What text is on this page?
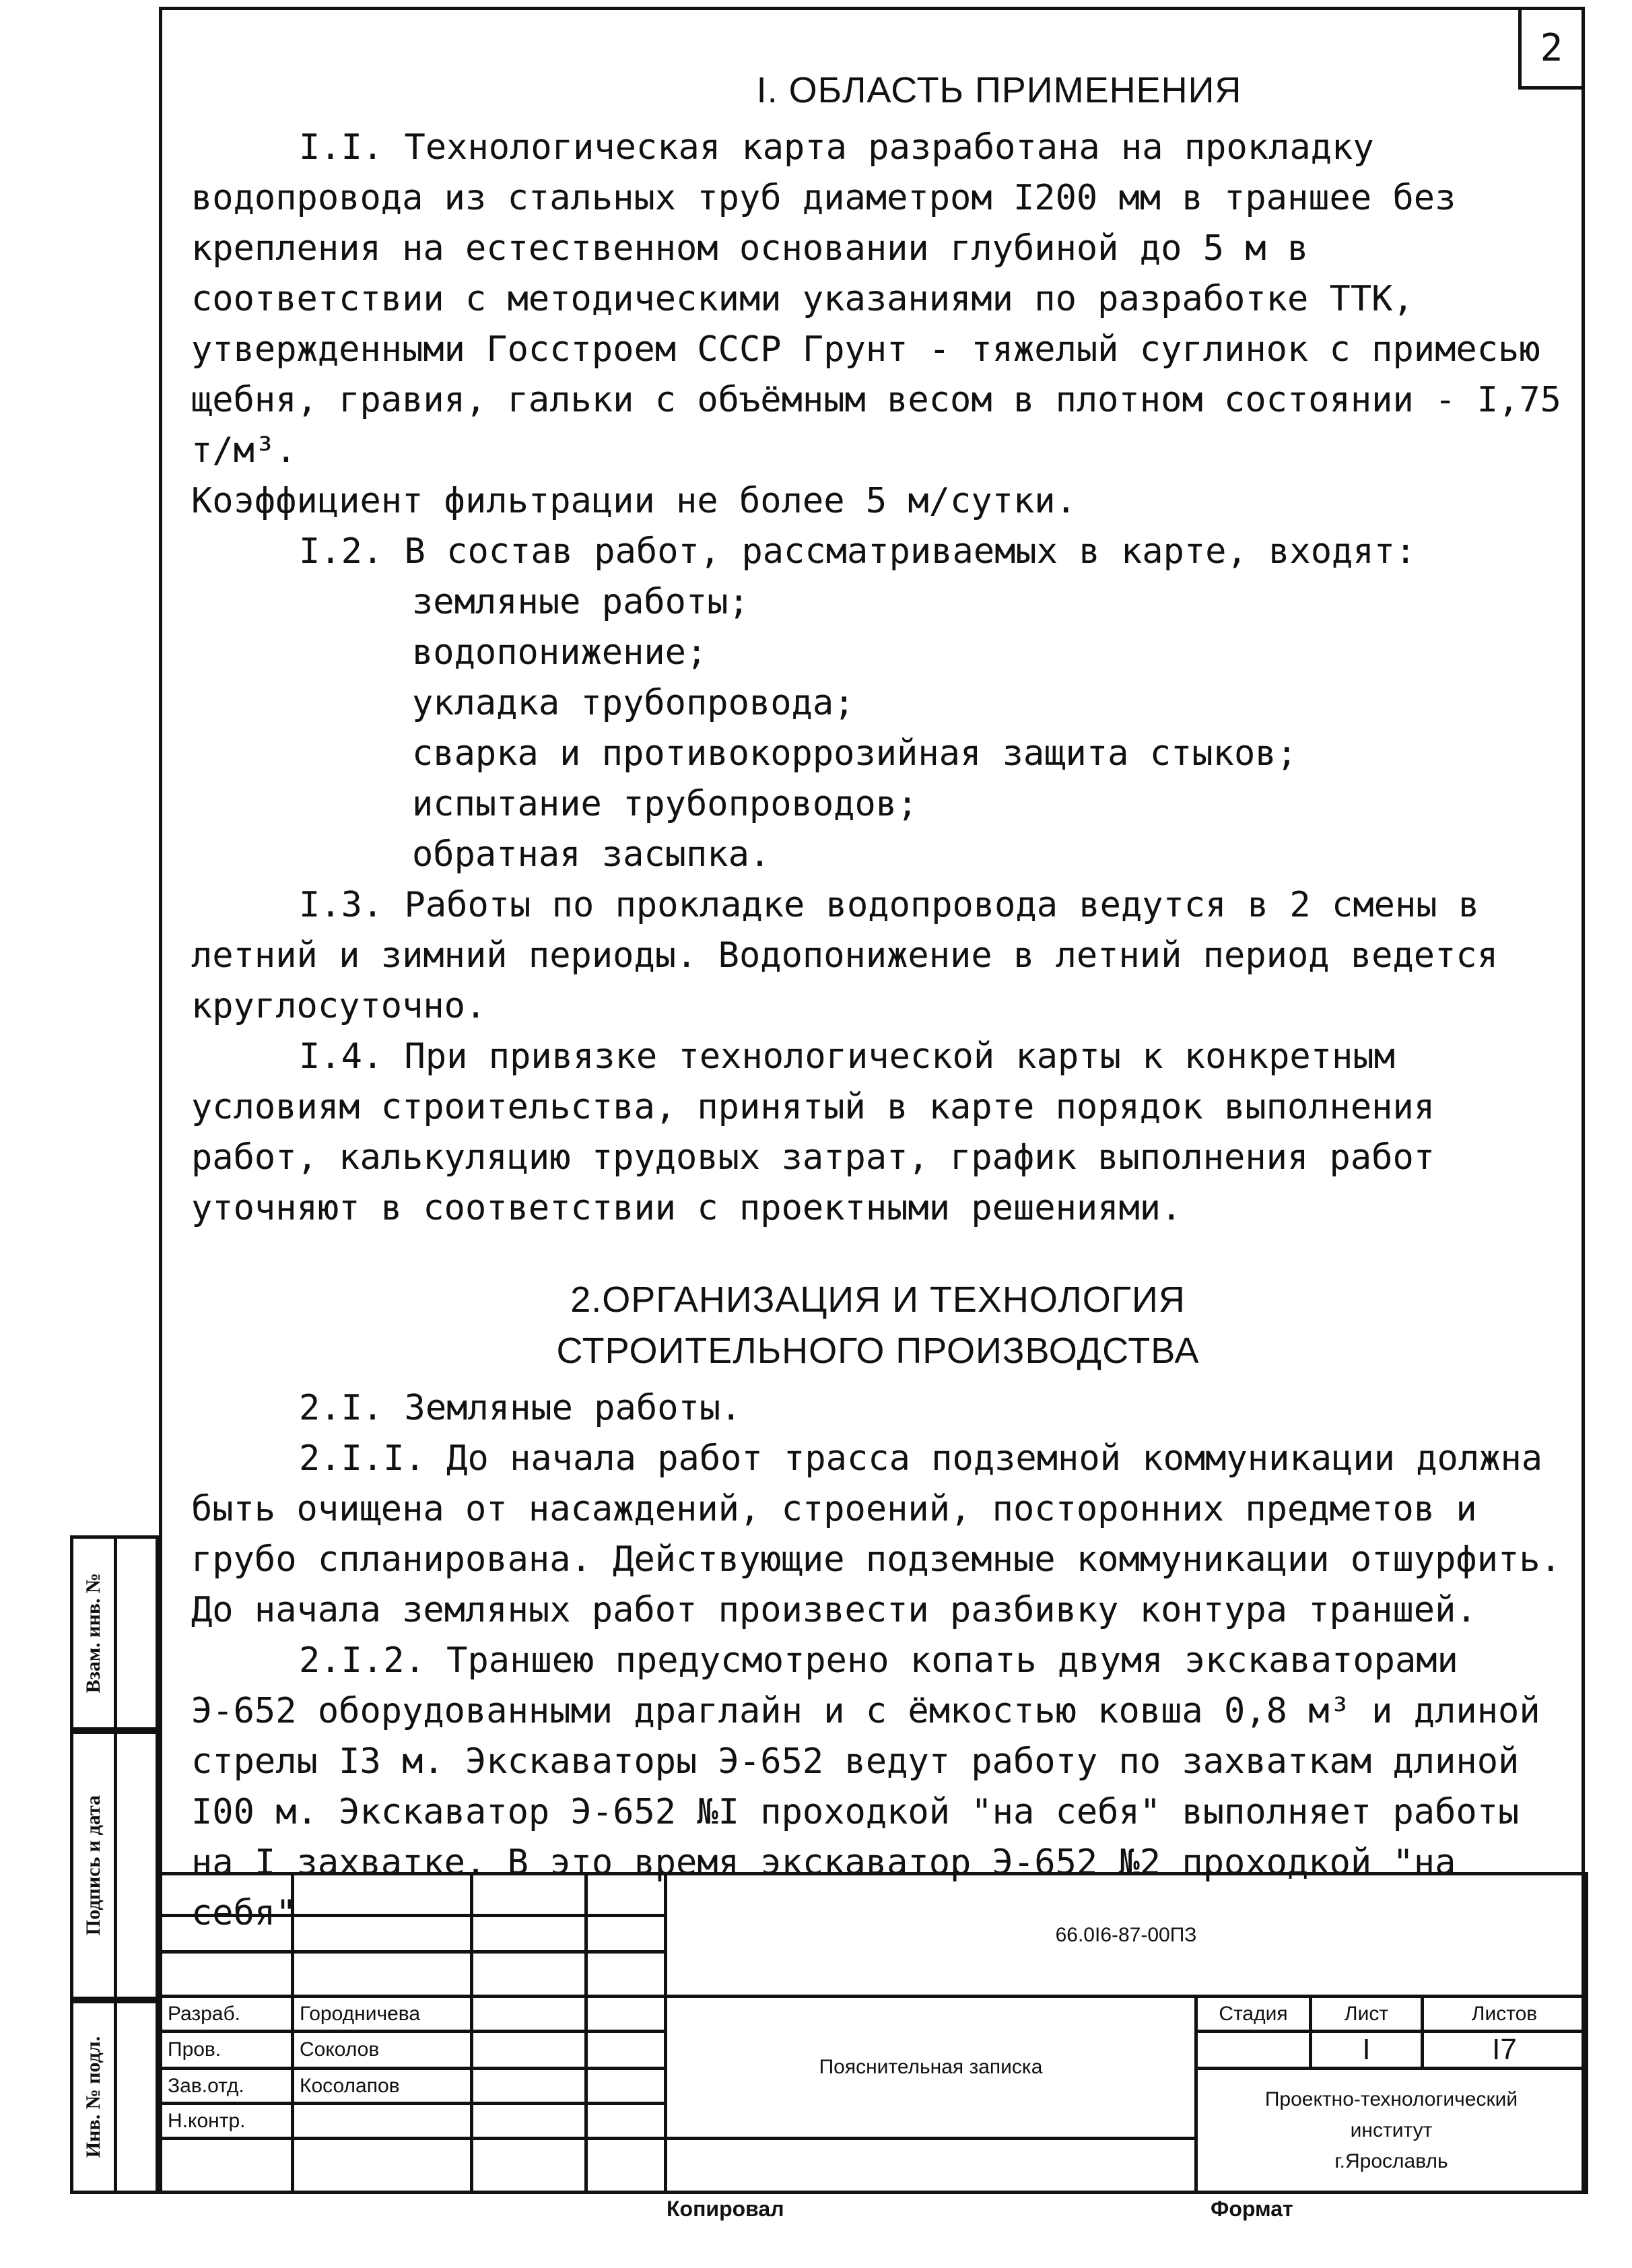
2
I. ОБЛАСТЬ ПРИМЕНЕНИЯ

I.I. Технологическая карта разработана на прокладку водопровода из стальных труб диаметром I200 мм в траншее без крепления на естественном основании глубиной до 5 м в соответствии с методическими указаниями по разработке ТТК, утвержденными Госстроем СССР Грунт - тяжелый суглинок с примесью щебня, гравия, гальки с объёмным весом в плотном состоянии - I,75 т/м³.

Коэффициент фильтрации не более 5 м/сутки.

I.2. В состав работ, рассматриваемых в карте, входят:

земляные работы;
водопонижение;
укладка трубопровода;
сварка и противокоррозийная защита стыков;
испытание трубопроводов;
обратная засыпка.

I.3. Работы по прокладке водопровода ведутся в 2 смены в летний и зимний периоды. Водопонижение в летний период ведется круглосуточно.

I.4. При привязке технологической карты к конкретным условиям строительства, принятый в карте порядок выполнения работ, калькуляцию трудовых затрат, график выполнения работ уточняют в соответствии с проектными решениями.

2.ОРГАНИЗАЦИЯ И ТЕХНОЛОГИЯ
СТРОИТЕЛЬНОГО ПРОИЗВОДСТВА

2.I. Земляные работы.

2.I.I. До начала работ трасса подземной коммуникации должна быть очищена от насаждений, строений, посторонних предметов и грубо спланирована. Действующие подземные коммуникации отшурфить. До начала земляных работ произвести разбивку контура траншей.

2.I.2. Траншею предусмотрено копать двумя экскаваторами Э-652 оборудованными драглайн и с ёмкостью ковша 0,8 м³ и длиной стрелы I3 м. Экскаваторы Э-652 ведут работу по захваткам длиной I00 м. Экскаватор Э-652 №I проходкой "на себя" выполняет работы на I захватке. В это время экскаватор Э-652 №2 проходкой "на себя"

Взам. инв. №
Подпись и дата
Инв. № подл.
				66.0I6-87-00ПЗ			

Разраб.	Городничева			Пояснительная записка	Стадия	Лист	Листов
Пров.	Соколов					I	I7
Зав.отд.	Косолапов				Проектно-технологический
институт
г.Ярославль		

Н.контр.							

Копировал	Формат
